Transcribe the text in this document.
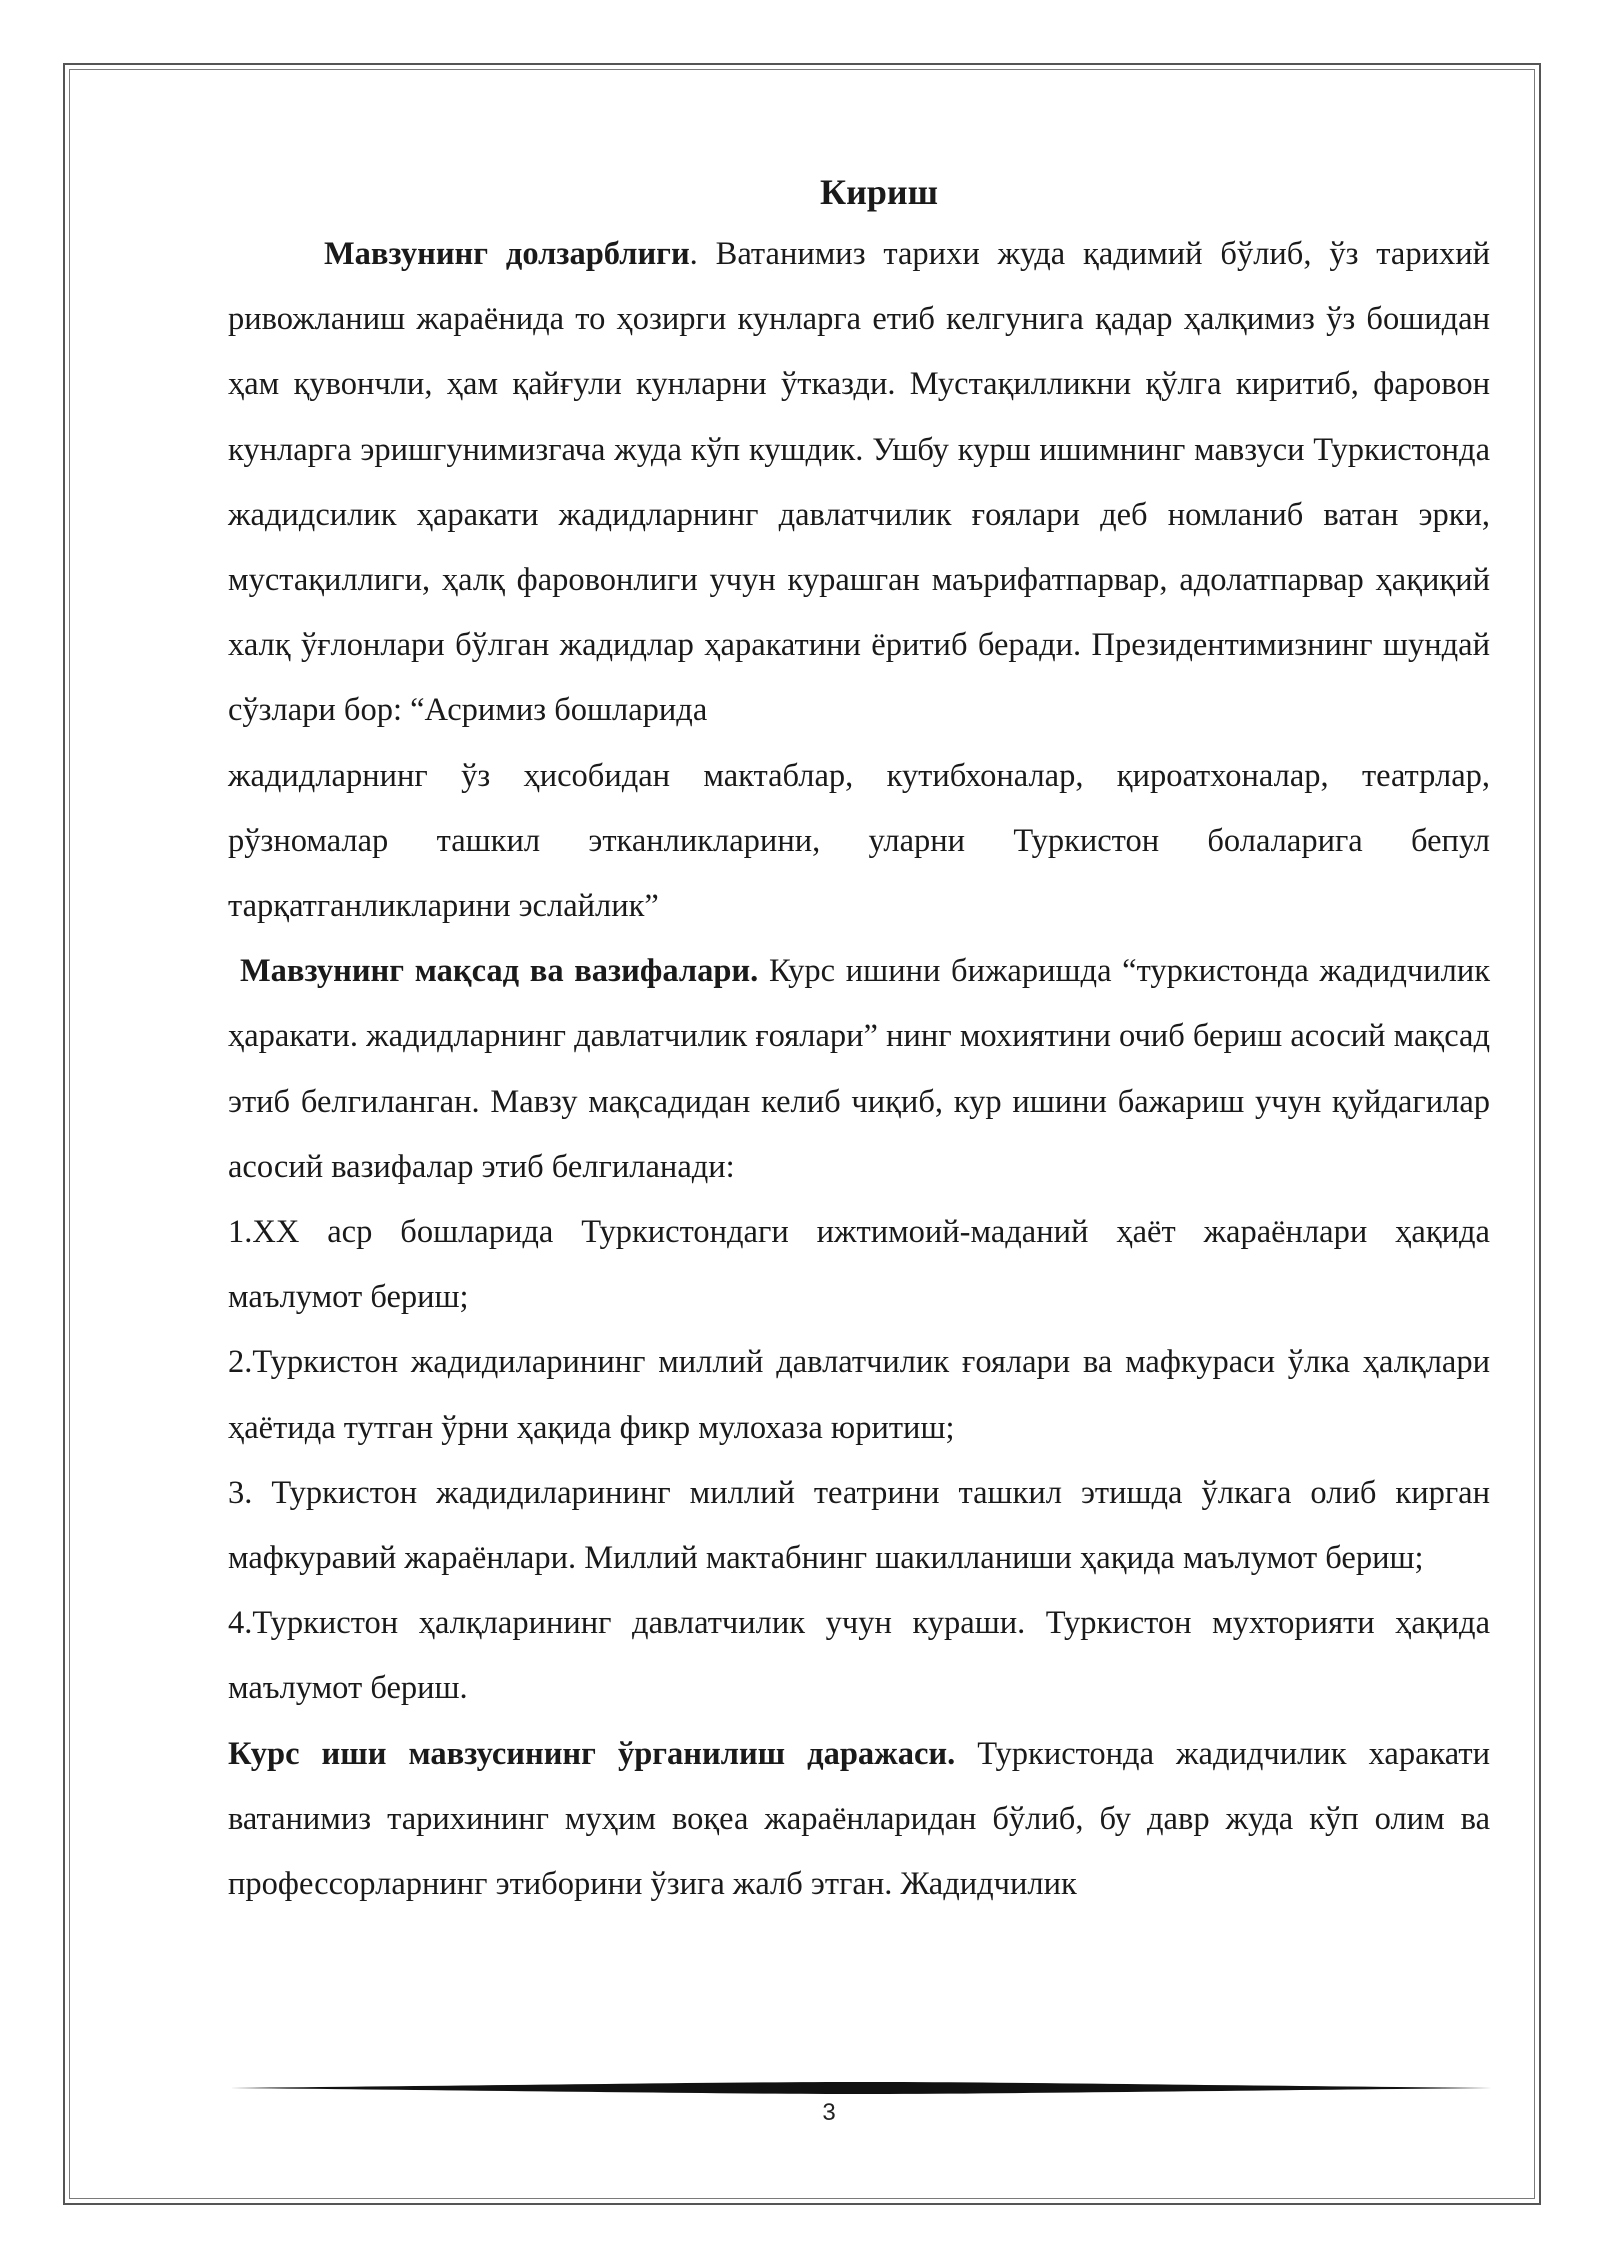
Кириш

Мавзунинг долзарблиги. Ватанимиз тарихи жуда қадимий бўлиб, ўз тарихий ривожланиш жараёнида то ҳозирги кунларга етиб келгунига қадар ҳалқимиз ўз бошидан ҳам қувончли, ҳам қайғули кунларни ўтказди. Мустақилликни қўлга киритиб, фаровон кунларга эришгунимизгача жуда кўп кушдик. Ушбу курш ишимнинг мавзуси Туркистонда жадидсилик ҳаракати жадидларнинг давлатчилик ғоялари деб номланиб ватан эрки, мустақиллиги, ҳалқ фаровонлиги учун курашган маърифатпарвар, адолатпарвар ҳақиқий халқ ўғлонлари бўлган жадидлар ҳаракатини ёритиб беради. Президентимизнинг шундай сўзлари бор: “Асримиз бошларида

жадидларнинг ўз ҳисобидан мактаблар, кутибхоналар, қироатхоналар, театрлар, рўзномалар ташкил этканликларини, уларни Туркистон болаларига бепул тарқатганликларини эслайлик”

Мавзунинг мақсад ва вазифалари. Курс ишини бижаришда “туркистонда жадидчилик ҳаракати. жадидларнинг давлатчилик ғоялари” нинг мохиятини очиб бериш асосий мақсад этиб белгиланган. Мавзу мақсадидан келиб чиқиб, кур ишини бажариш учун қуйдагилар асосий вазифалар этиб белгиланади:

1.XX аср бошларида Туркистондаги ижтимоий-маданий ҳаёт жараёнлари ҳақида маълумот бериш;

2.Туркистон жадидиларининг миллий давлатчилик ғоялари ва мафкураси ўлка ҳалқлари ҳаётида тутган ўрни ҳақида фикр мулохаза юритиш;

3. Туркистон жадидиларининг миллий театрини ташкил этишда ўлкага олиб кирган мафкуравий жараёнлари. Миллий мактабнинг шакилланиши ҳақида маълумот бериш;

4.Туркистон ҳалқларининг давлатчилик учун кураши. Туркистон мухторияти ҳақида маълумот бериш.

Курс иши мавзусининг ўрганилиш даражаси. Туркистонда жадидчилик харакати ватанимиз тарихининг муҳим воқеа жараёнларидан бўлиб, бу давр жуда кўп олим ва профессорларнинг этиборини ўзига жалб этган. Жадидчилик

3
